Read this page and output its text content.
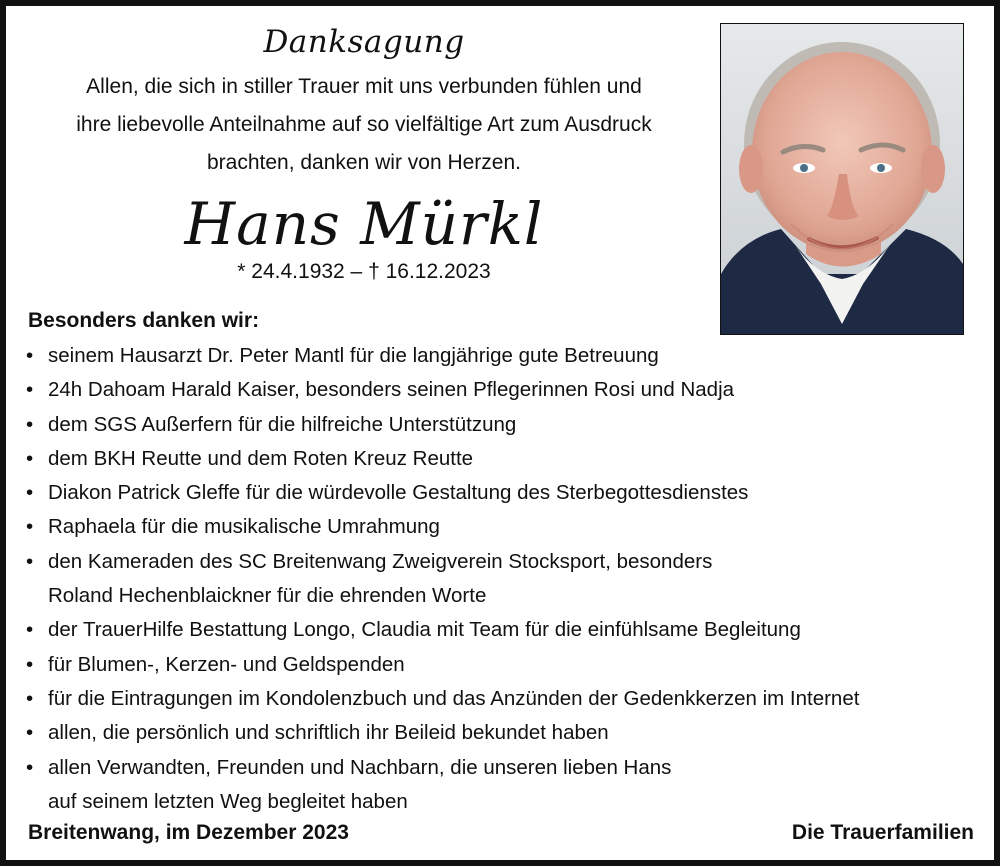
Danksagung
Allen, die sich in stiller Trauer mit uns verbunden fühlen und
ihre liebevolle Anteilnahme auf so vielfältige Art zum Ausdruck
brachten, danken wir von Herzen.
Hans Mürkl
* 24.4.1932 – † 16.12.2023
Besonders danken wir:
• seinem Hausarzt Dr. Peter Mantl für die langjährige gute Betreuung
• 24h Dahoam Harald Kaiser, besonders seinen Pflegerinnen Rosi und Nadja
• dem SGS Außerfern für die hilfreiche Unterstützung
• dem BKH Reutte und dem Roten Kreuz Reutte
• Diakon Patrick Gleffe für die würdevolle Gestaltung des Sterbegottesdienstes
• Raphaela für die musikalische Umrahmung
• den Kameraden des SC Breitenwang Zweigverein Stocksport, besonders
Roland Hechenblaickner für die ehrenden Worte
• der TrauerHilfe Bestattung Longo, Claudia mit Team für die einfühlsame Begleitung
• für Blumen-, Kerzen- und Geldspenden
• für die Eintragungen im Kondolenzbuch und das Anzünden der Gedenkkerzen im Internet
• allen, die persönlich und schriftlich ihr Beileid bekundet haben
• allen Verwandten, Freunden und Nachbarn, die unseren lieben Hans
auf seinem letzten Weg begleitet haben
Breitenwang, im Dezember 2023	Die Trauerfamilien
